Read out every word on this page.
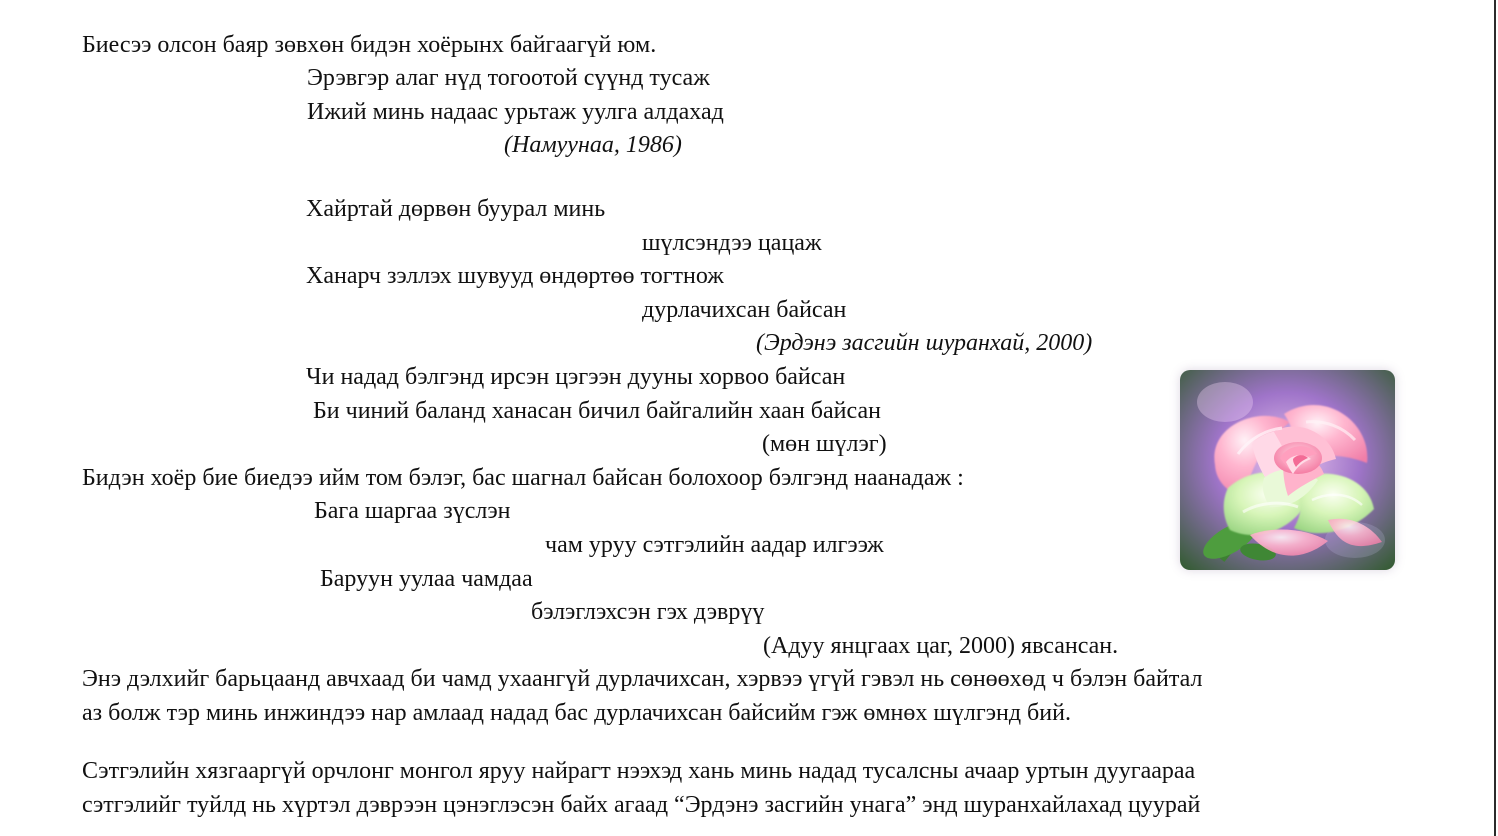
Биесээ олсон баяр зөвхөн бидэн хоёрынх байгаагүй юм.
Эрэвгэр алаг нүд тогоотой сүүнд тусаж
Ижий минь надаас урьтаж уулга алдахад
(Намуунаа, 1986)
Хайртай дөрвөн буурал минь
шүлсэндээ цацаж
Ханарч зэллэх шувууд өндөртөө тогтнож
дурлачихсан байсан
(Эрдэнэ засгийн шуранхай, 2000)
Чи надад бэлгэнд ирсэн цэгээн дууны хорвоо байсан
Би чиний баланд ханасан бичил байгалийн хаан байсан
(мөн шүлэг)
Бидэн хоёр бие биедээ ийм том бэлэг, бас шагнал байсан болохоор бэлгэнд наанадаж :
Бага шаргаа зүслэн
чам уруу сэтгэлийн аадар илгээж
Баруун уулаа чамдаа
бэлэглэхсэн гэх дэврүү
(Адуу янцгаах цаг, 2000) явсансан.
Энэ дэлхийг барьцаанд авчхаад би чамд ухаангүй дурлачихсан, хэрвээ үгүй гэвэл нь сөнөөхөд ч бэлэн байтал
аз болж тэр минь инжиндээ нар амлаад надад бас дурлачихсан байсийм гэж өмнөх шүлгэнд бий.
Сэтгэлийн хязгааргүй орчлонг монгол яруу найрагт нээхэд хань минь надад тусалсны ачаар уртын дуугаараа
сэтгэлийг туйлд нь хүртэл дэврээн цэнэглэсэн байх агаад “Эрдэнэ засгийн унага” энд шуранхайлахад цуурай
